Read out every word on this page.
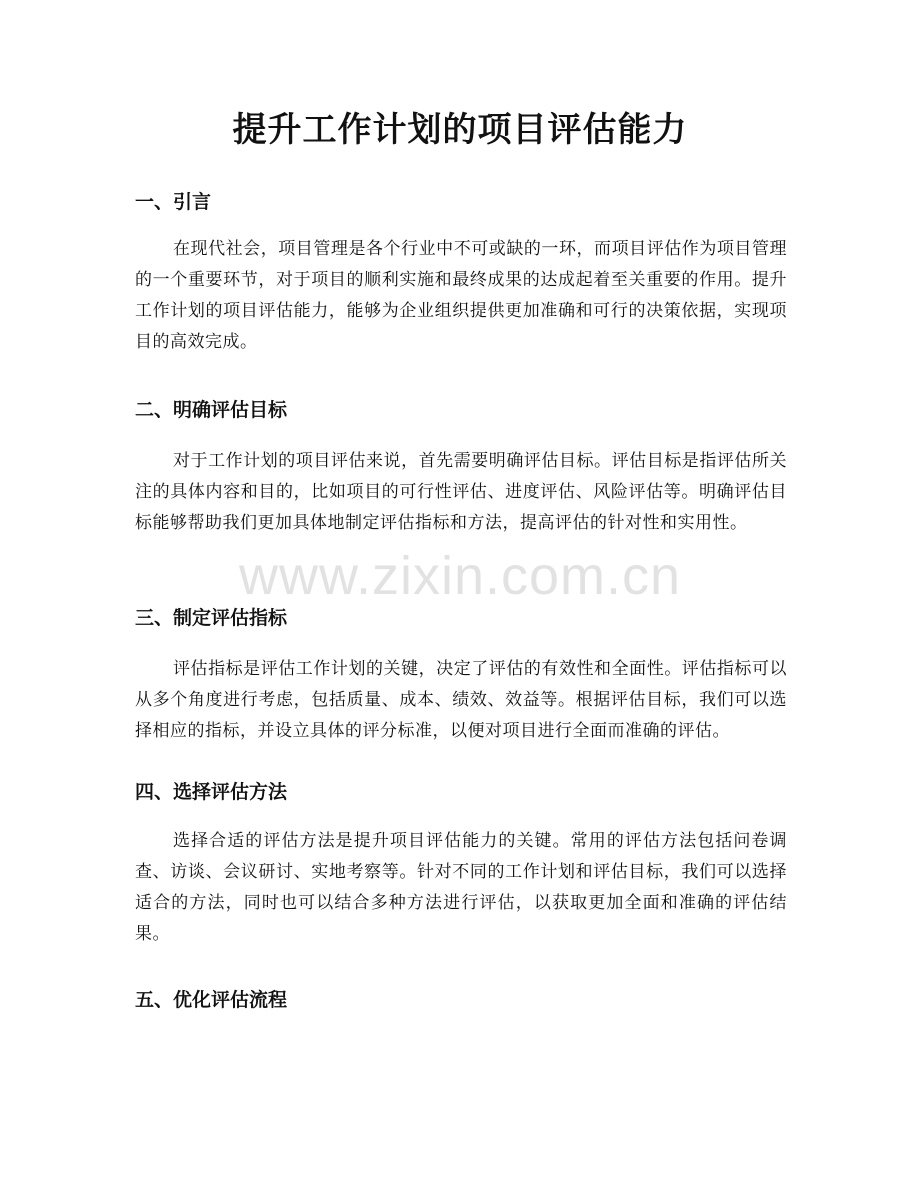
提升工作计划的项目评估能力
一、引言
在现代社会，项目管理是各个行业中不可或缺的一环，而项目评估作为项目管理的一个重要环节，对于项目的顺利实施和最终成果的达成起着至关重要的作用。提升工作计划的项目评估能力，能够为企业组织提供更加准确和可行的决策依据，实现项目的高效完成。
二、明确评估目标
对于工作计划的项目评估来说，首先需要明确评估目标。评估目标是指评估所关注的具体内容和目的，比如项目的可行性评估、进度评估、风险评估等。明确评估目标能够帮助我们更加具体地制定评估指标和方法，提高评估的针对性和实用性。
三、制定评估指标
评估指标是评估工作计划的关键，决定了评估的有效性和全面性。评估指标可以从多个角度进行考虑，包括质量、成本、绩效、效益等。根据评估目标，我们可以选择相应的指标，并设立具体的评分标准，以便对项目进行全面而准确的评估。
四、选择评估方法
选择合适的评估方法是提升项目评估能力的关键。常用的评估方法包括问卷调查、访谈、会议研讨、实地考察等。针对不同的工作计划和评估目标，我们可以选择适合的方法，同时也可以结合多种方法进行评估，以获取更加全面和准确的评估结果。
五、优化评估流程
www.zixin.com.cn
